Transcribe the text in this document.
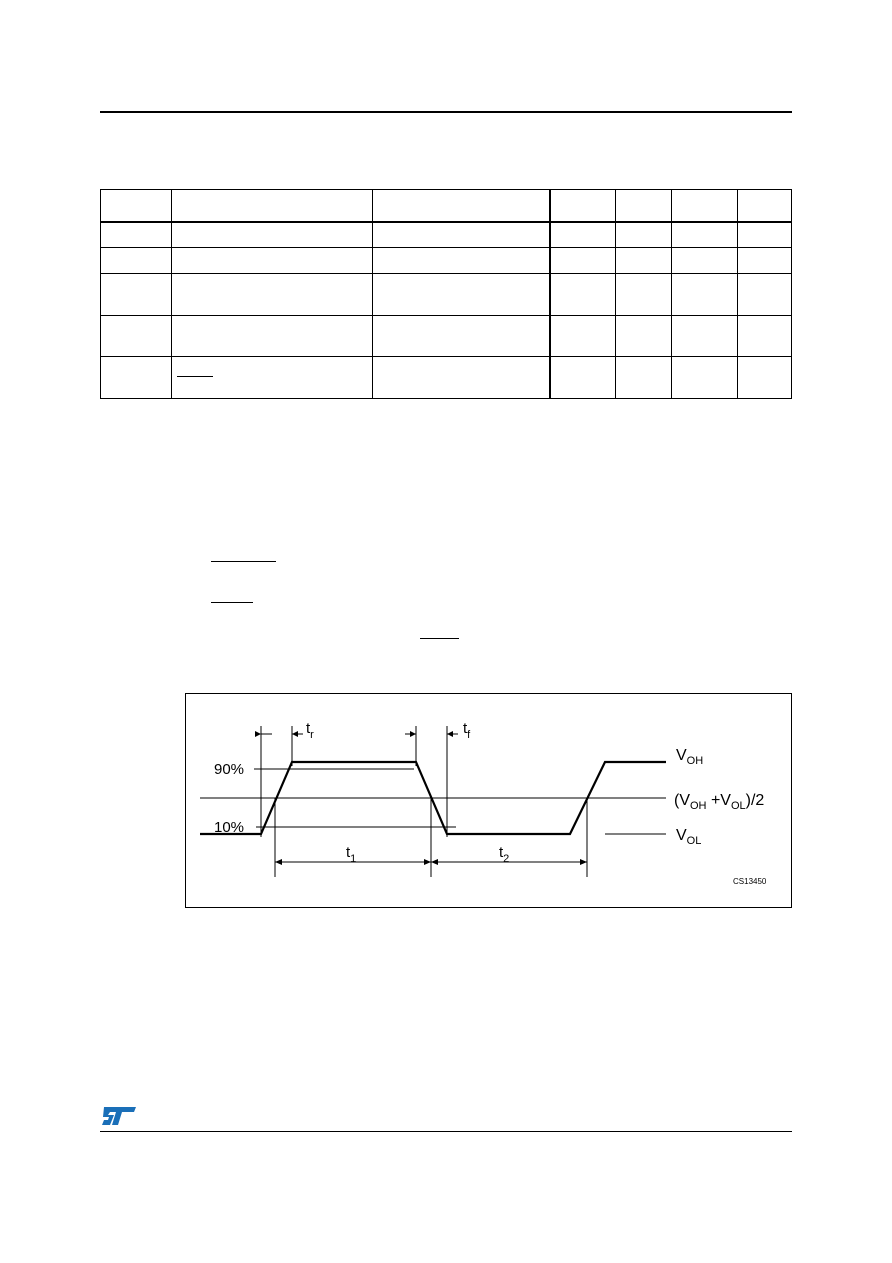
$t_r$	$t_f$
90%
10%
$V_{OH}$
$(V_{OH} +V_{OL})/2$
$V_{OL}$
$t_1$	$t_2$
CS13450
